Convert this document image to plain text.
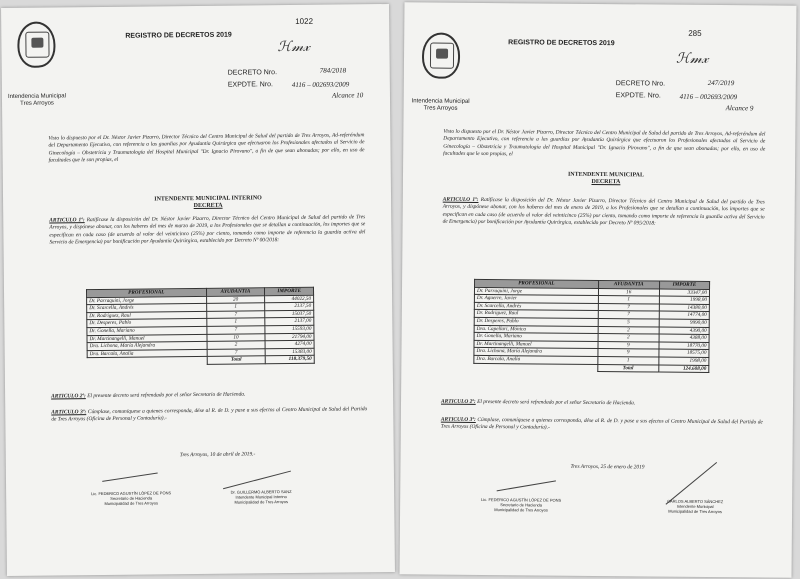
Intendencia Municipal
Tres Arroyos
1022
REGISTRO DE DECRETOS 2019
ℋ𝓂𝓍
DECRETO Nro.	784/2018
EXPDTE. Nro.	4116 – 002693/2009
Alcance 10
Visto lo dispuesto por el Dr. Néstor Javier Pizarro, Director Técnico del Centro Municipal de Salud del partido de Tres Arroyos, Ad-referéndum del Departamento Ejecutivo, con referencia a las guardias por Ayudantía Quirúrgica que efectuaron los Profesionales afectados al Servicio de Ginecología – Obstetricia y Traumatología del Hospital Municipal "Dr. Ignacio Pirovano", a fin de que sean abonadas; por ello, en uso de facultades que le son propias, el
INTENDENTE MUNICIPAL INTERINO
DECRETA
ARTICULO 1º: Ratifícase la disposición del Dr. Néstor Javier Pizarro, Director Técnico del Centro Municipal de Salud del partido de Tres Arroyos, y dispónese abonar, con los haberes del mes de marzo de 2019, a los Profesionales que se detallan a continuación, los importes que se especifican en cada caso (de acuerdo al valor del veinticinco (25%) por ciento, tomando como importe de referencia la guardia activa del Servicio de Emergencia) por bonificación por Ayudantía Quirúrgica, establecido por Decreto Nº 00/2018:
PROFESIONAL	AYUDANTIA	IMPORTE
Dr. Parraquini, Jorge	20	44022,50
Dr. Scarcella, Andrés	1	2137,50
Dr. Rodriguez, Raul	7	15037,50
Dr. Desperes, Pablo	1	2137,00
Dr. Gonella, Mariano	7	15593,00
Dr. Martinangelli, Manuel	10	21794,00
Dra. Lichona, María Alejandra	2	4274,00
Dra. Barcala, Analía	7	15383,00
	Total	118.379,50
ARTICULO 2º: El presente decreto será refrendado por el señor Secretario de Hacienda.
ARTICULO 3º: Cúmplase, comuníquese a quienes corresponda, dése al R. de D. y pase a sus efectos al Centro Municipal de Salud del Partido de Tres Arroyos (Oficina de Personal y Contaduría).-
Tres Arroyos, 10 de abril de 2019.-
Lic. FEDERICO AGUSTÍN LÓPEZ DE PONS
Secretario de Hacienda
Municipalidad de Tres Arroyos
Dr. GUILLERMO ALBERTO SANZ
Intendente Municipal Interino
Municipalidad de Tres Arroyos
Intendencia Municipal
Tres Arroyos
285
REGISTRO DE DECRETOS 2019
ℋ𝓂𝓍
DECRETO Nro.	247/2019
EXPDTE. Nro.	4116 – 002693/2009
Alcance 9
Visto lo dispuesto por el Dr. Néstor Javier Pizarro, Director Técnico del Centro Municipal de Salud del partido de Tres Arroyos, Ad-referéndum del Departamento Ejecutivo, con referencia a las guardias por Ayudantía Quirúrgica que efectuaron los Profesionales afectados al Servicio de Ginecología – Obstetricia y Traumatología del Hospital Municipal "Dr. Ignacio Pirovano", a fin de que sean abonadas; por ello, en uso de facultades que le son propias, el
INTENDENTE MUNICIPAL
DECRETA
ARTICULO 1º: Ratifícase la disposición del Dr. Néstor Javier Pizarro, Director Técnico del Centro Municipal de Salud del partido de Tres Arroyos, y dispónese abonar, con los haberes del mes de enero de 2019, a los Profesionales que se detallan a continuación, los importes que se especifican en cada caso (de acuerdo al valor del veinticinco (25%) por ciento, tomando como importe de referencia la guardia activa del Servicio de Emergencia) por bonificación por Ayudantía Quirúrgica, establecido por Decreto Nº 095/2018:
PROFESIONAL	AYUDANTIA	IMPORTE
Dr. Parraquini, Jorge	16	33347,00
Dr. Aguerre, Javier	1	1998,00
Dr. Scarcella, Andrés	7	14380,00
Dr. Rodriguez, Raul	7	14774,00
Dr. Desperes, Pablo	5	9990,00
Dra. Capellari, Mónica	2	4390,00
Dr. Gonella, Mariano	2	4388,00
Dr. Martinangelli, Manuel	9	18770,00
Dra. Lichona, María Alejandra	9	18575,00
Dra. Barcala, Analía	1	1998,00
	Total	124.608,00
ARTICULO 2º: El presente decreto será refrendado por el señor Secretario de Hacienda.
ARTICULO 3º: Cúmplase, comuníquese a quienes corresponda, dése al R. de D. y pase a sus efectos al Centro Municipal de Salud del Partido de Tres Arroyos (Oficina de Personal y Contaduría).-
Tres Arroyos, 25 de enero de 2019
Lic. FEDERICO AGUSTÍN LÓPEZ DE PONS
Secretario de Hacienda
Municipalidad de Tres Arroyos
CARLOS ALBERTO SÁNCHEZ
Intendente Municipal
Municipalidad de Tres Arroyos
